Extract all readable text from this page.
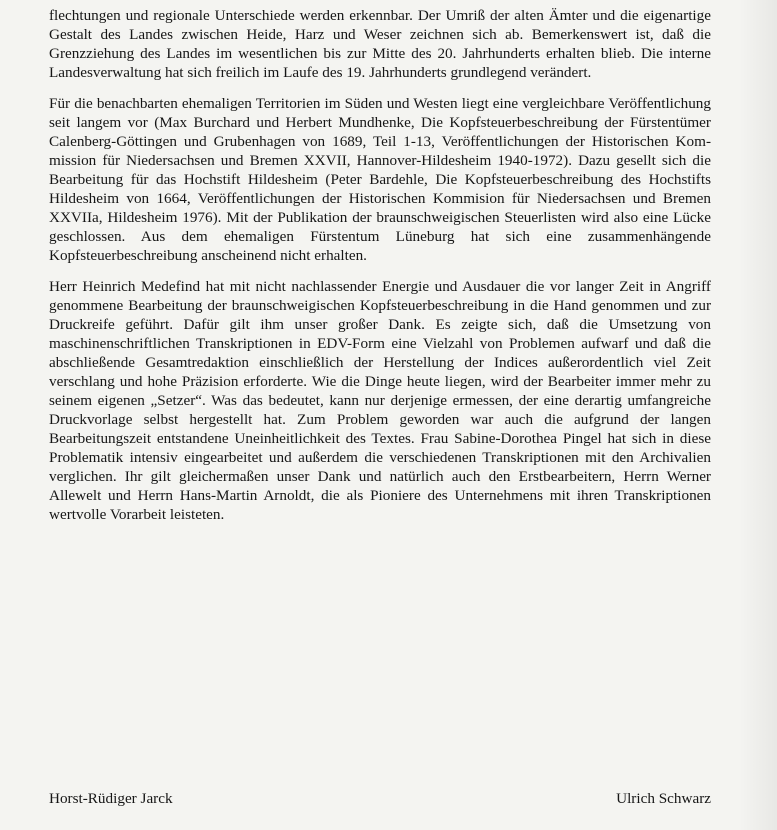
flechtungen und regionale Unterschiede werden erkennbar. Der Umriß der alten Ämter und die eigenartige Gestalt des Landes zwischen Heide, Harz und Weser zeichnen sich ab. Bemerkenswert ist, daß die Grenzziehung des Landes im wesentlichen bis zur Mitte des 20. Jahrhunderts erhalten blieb. Die interne Landesverwaltung hat sich freilich im Laufe des 19. Jahrhunderts grundlegend verändert.

Für die benachbarten ehemaligen Territorien im Süden und Westen liegt eine vergleichbare Veröffentlichung seit langem vor (Max Burchard und Herbert Mundhenke, Die Kopfsteuerbeschreibung der Fürstentümer Calenberg-Göttingen und Grubenhagen von 1689, Teil 1-13, Veröffentlichungen der Historischen Kommission für Niedersachsen und Bremen XXVII, Hannover-Hildesheim 1940-1972). Dazu gesellt sich die Bearbeitung für das Hochstift Hildesheim (Peter Bardehle, Die Kopfsteuerbeschreibung des Hochstifts Hildesheim von 1664, Veröffentlichungen der Historischen Kommision für Niedersachsen und Bremen XXVIIa, Hildesheim 1976). Mit der Publikation der braunschweigischen Steuerlisten wird also eine Lücke geschlossen. Aus dem ehemaligen Fürstentum Lüneburg hat sich eine zusammenhängende Kopfsteuerbeschreibung anscheinend nicht erhalten.

Herr Heinrich Medefind hat mit nicht nachlassender Energie und Ausdauer die vor langer Zeit in Angriff genommene Bearbeitung der braunschweigischen Kopfsteuerbeschreibung in die Hand genommen und zur Druckreife geführt. Dafür gilt ihm unser großer Dank. Es zeigte sich, daß die Umsetzung von maschinenschriftlichen Transkriptionen in EDV-Form eine Vielzahl von Problemen aufwarf und daß die abschließende Gesamtredaktion einschließlich der Herstellung der Indices außerordentlich viel Zeit verschlang und hohe Präzision erforderte. Wie die Dinge heute liegen, wird der Bearbeiter immer mehr zu seinem eigenen „Setzer“. Was das bedeutet, kann nur derjenige ermessen, der eine derartig umfangreiche Druckvorlage selbst hergestellt hat. Zum Problem geworden war auch die aufgrund der langen Bearbeitungszeit entstandene Uneinheitlichkeit des Textes. Frau Sabine-Dorothea Pingel hat sich in diese Problematik intensiv eingearbeitet und außerdem die verschiedenen Transkriptionen mit den Archivalien verglichen. Ihr gilt gleichermaßen unser Dank und natürlich auch den Erstbearbeitern, Herrn Werner Allewelt und Herrn Hans-Martin Arnoldt, die als Pioniere des Unternehmens mit ihren Transkriptionen wertvolle Vorarbeit leisteten.

Horst-Rüdiger Jarck	Ulrich Schwarz
